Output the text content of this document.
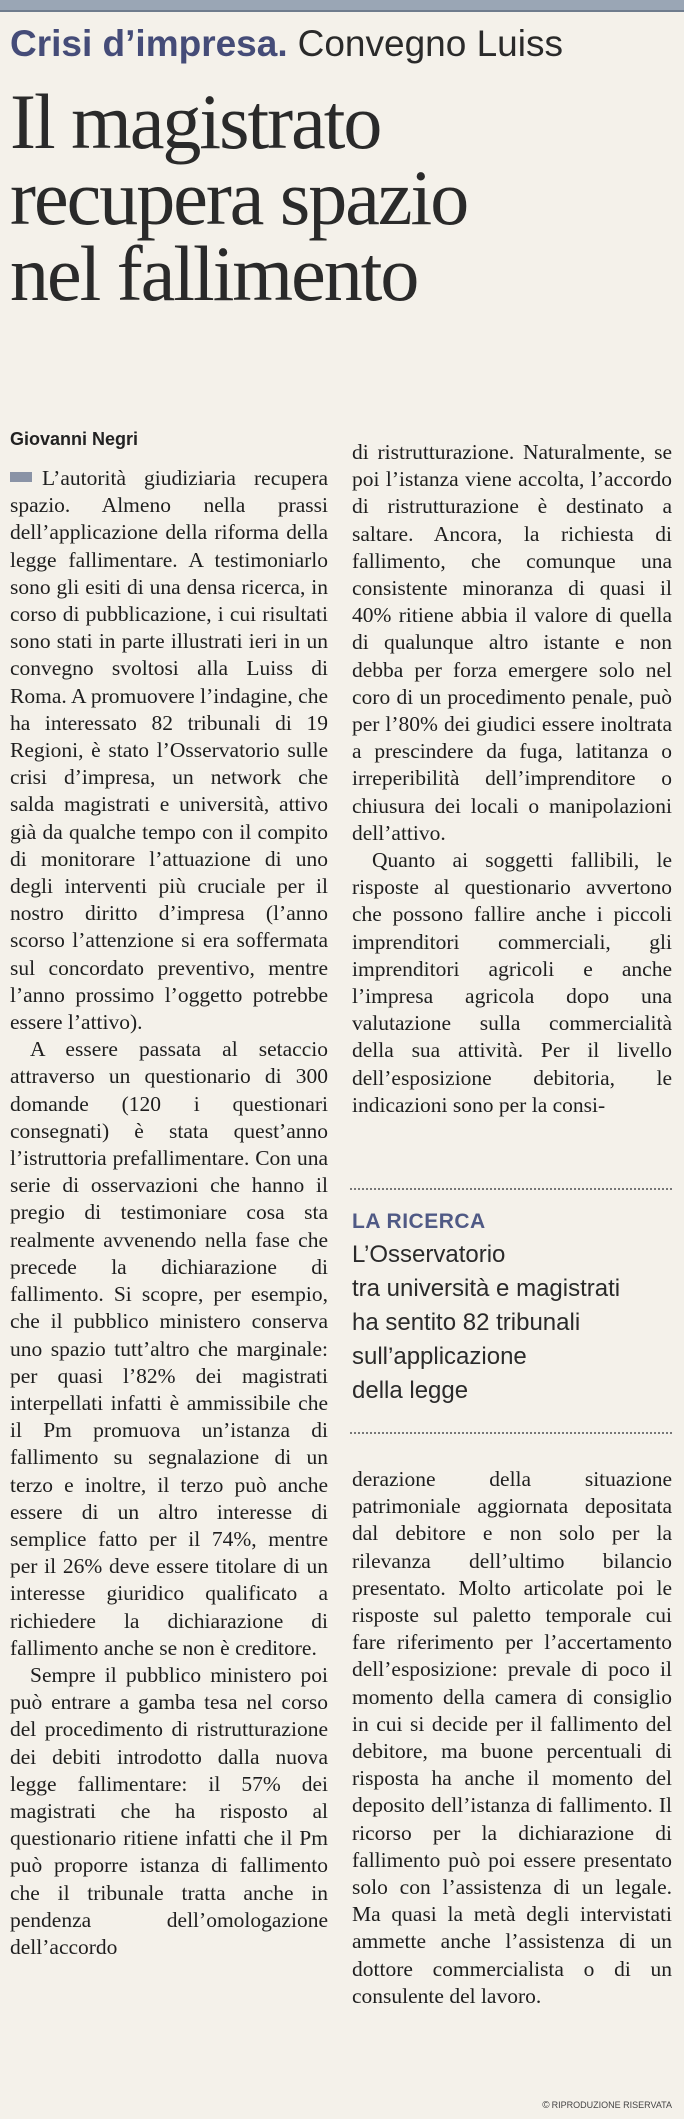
Crisi d’impresa. Convegno Luiss
Il magistrato
recupera spazio
nel fallimento
Giovanni Negri

L’autorità giudiziaria recupera spazio. Almeno nella prassi dell’applicazione della riforma della legge fallimentare. A testimoniarlo sono gli esiti di una densa ricerca, in corso di pubblicazione, i cui risultati sono stati in parte illustrati ieri in un convegno svoltosi alla Luiss di Roma. A promuovere l’indagine, che ha interessato 82 tribunali di 19 Regioni, è stato l’Osservatorio sulle crisi d’impresa, un network che salda magistrati e università, attivo già da qualche tempo con il compito di monitorare l’attuazione di uno degli interventi più cruciale per il nostro diritto d’impresa (l’anno scorso l’attenzione si era soffermata sul concordato preventivo, mentre l’anno prossimo l’oggetto potrebbe essere l’attivo).

A essere passata al setaccio attraverso un questionario di 300 domande (120 i questionari consegnati) è stata quest’anno l’istruttoria prefallimentare. Con una serie di osservazioni che hanno il pregio di testimoniare cosa sta realmente avvenendo nella fase che precede la dichiarazione di fallimento. Si scopre, per esempio, che il pubblico ministero conserva uno spazio tutt’altro che marginale: per quasi l’82% dei magistrati interpellati infatti è ammissibile che il Pm promuova un’istanza di fallimento su segnalazione di un terzo e inoltre, il terzo può anche essere di un altro interesse di semplice fatto per il 74%, mentre per il 26% deve essere titolare di un interesse giuridico qualificato a richiedere la dichiarazione di fallimento anche se non è creditore.

Sempre il pubblico ministero poi può entrare a gamba tesa nel corso del procedimento di ristrutturazione dei debiti introdotto dalla nuova legge fallimentare: il 57% dei magistrati che ha risposto al questionario ritiene infatti che il Pm può proporre istanza di fallimento che il tribunale tratta anche in pendenza dell’omologazione dell’accordo

di ristrutturazione. Naturalmente, se poi l’istanza viene accolta, l’accordo di ristrutturazione è destinato a saltare. Ancora, la richiesta di fallimento, che comunque una consistente minoranza di quasi il 40% ritiene abbia il valore di quella di qualunque altro istante e non debba per forza emergere solo nel coro di un procedimento penale, può per l’80% dei giudici essere inoltrata a prescindere da fuga, latitanza o irreperibilità dell’imprenditore o chiusura dei locali o manipolazioni dell’attivo.

Quanto ai soggetti fallibili, le risposte al questionario avvertono che possono fallire anche i piccoli imprenditori commerciali, gli imprenditori agricoli e anche l’impresa agricola dopo una valutazione sulla commercialità della sua attività. Per il livello dell’esposizione debitoria, le indicazioni sono per la consi-

LA RICERCA
L’Osservatorio
tra università e magistrati
ha sentito 82 tribunali
sull’applicazione
della legge

derazione della situazione patrimoniale aggiornata depositata dal debitore e non solo per la rilevanza dell’ultimo bilancio presentato. Molto articolate poi le risposte sul paletto temporale cui fare riferimento per l’accertamento dell’esposizione: prevale di poco il momento della camera di consiglio in cui si decide per il fallimento del debitore, ma buone percentuali di risposta ha anche il momento del deposito dell’istanza di fallimento. Il ricorso per la dichiarazione di fallimento può poi essere presentato solo con l’assistenza di un legale. Ma quasi la metà degli intervistati ammette anche l’assistenza di un dottore commercialista o di un consulente del lavoro.

© RIPRODUZIONE RISERVATA
